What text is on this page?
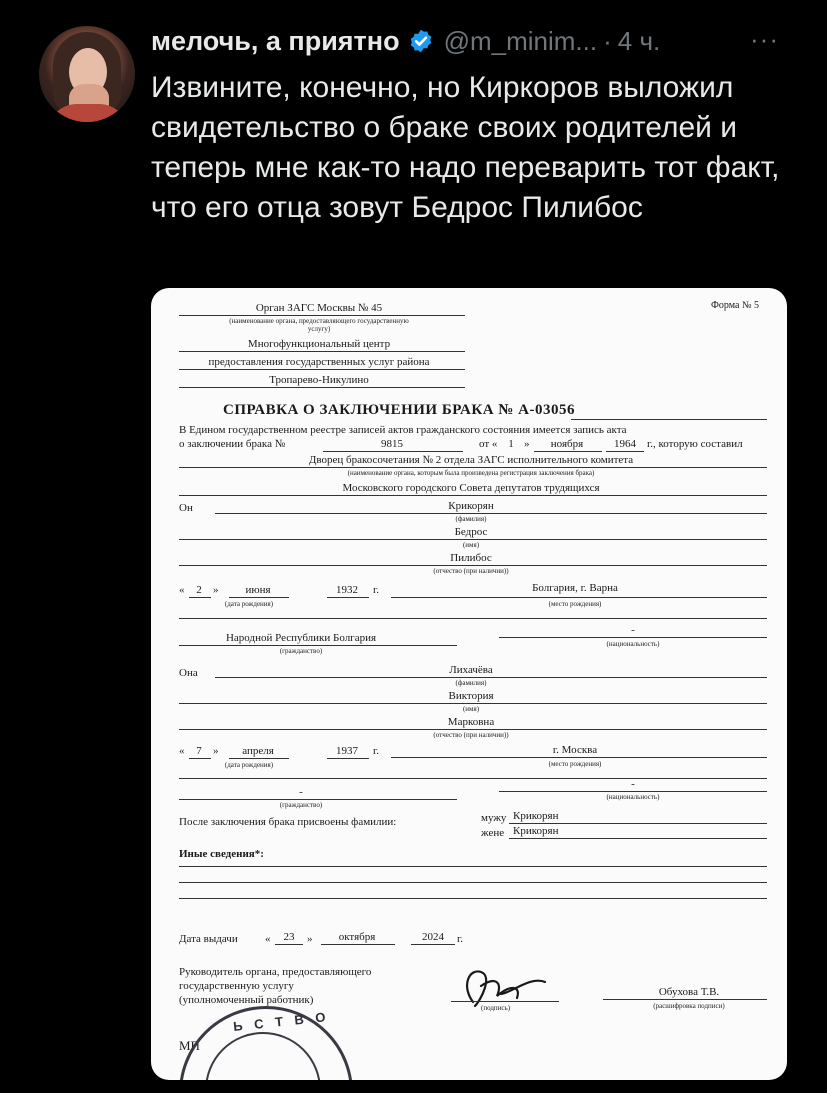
мелочь, а приятно @m_minim... · 4 ч.	···
Извините, конечно, но Киркоров выложил свидетельство о браке своих родителей и теперь мне как-то надо переварить тот факт, что его отца зовут Бедрос Пилибос
Форма № 5
Орган ЗАГС Москвы № 45
(наименование органа, предоставляющего государственную
услугу)
Многофункциональный центр
предоставления государственных услуг района
Тропарево-Никулино
СПРАВКА О ЗАКЛЮЧЕНИИ БРАКА № А-03056
В Едином государственном реестре записей актов гражданского состояния имеется запись акта
о заключении брака №	9815	от « 1 » ноября	1964 г., которую составил
Дворец бракосочетания № 2 отдела ЗАГС исполнительного комитета
(наименование органа, которым была произведена регистрация заключения брака)
Московского городского Совета депутатов трудящихся
Он	Крикорян
(фамилия)
Бедрос
(имя)
Пилибос
(отчество (при наличии))
« 2 » июня	1932 г.
(дата рождения)
Болгария, г. Варна
(место рождения)
Народной Республики Болгария
(гражданство)
-
(национальность)
Она	Лихачёва
(фамилия)
Виктория
(имя)
Марковна
(отчество (при наличии))
« 7 » апреля	1937 г.
(дата рождения)
г. Москва
(место рождения)
-
(гражданство)
-
(национальность)
После заключения брака присвоены фамилии:	мужу Крикорян
жене Крикорян
Иные сведения*:
Дата выдачи « 23 » октября	2024 г.
Руководитель органа, предоставляющего
государственную услугу
(уполномоченный работник)
(подпись)
Обухова Т.В.
(расшифровка подписи)
МП
Ь С Т В О
